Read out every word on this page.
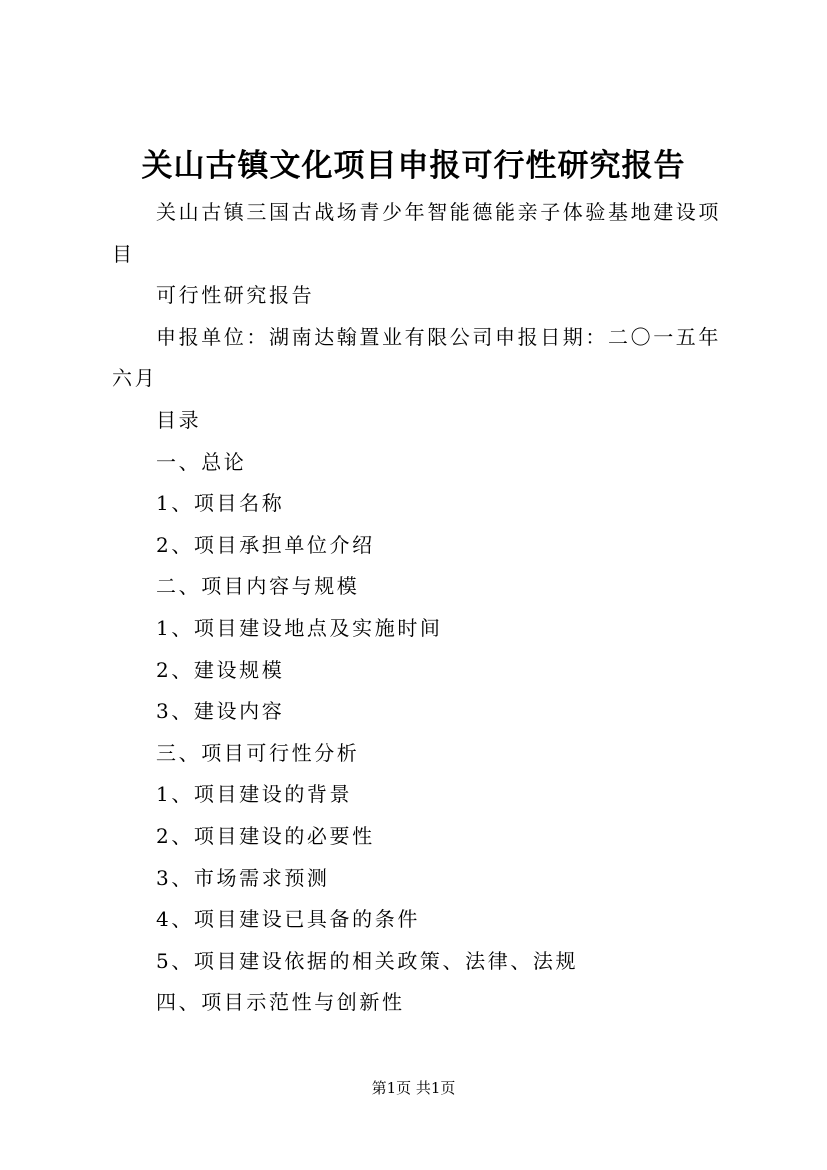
关山古镇文化项目申报可行性研究报告

关山古镇三国古战场青少年智能德能亲子体验基地建设项目

可行性研究报告

申报单位：湖南达翰置业有限公司申报日期：二〇一五年六月

目录

一、总论

1、项目名称

2、项目承担单位介绍

二、项目内容与规模

1、项目建设地点及实施时间

2、建设规模

3、建设内容

三、项目可行性分析

1、项目建设的背景

2、项目建设的必要性

3、市场需求预测

4、项目建设已具备的条件

5、项目建设依据的相关政策、法律、法规

四、项目示范性与创新性

第1页 共1页
